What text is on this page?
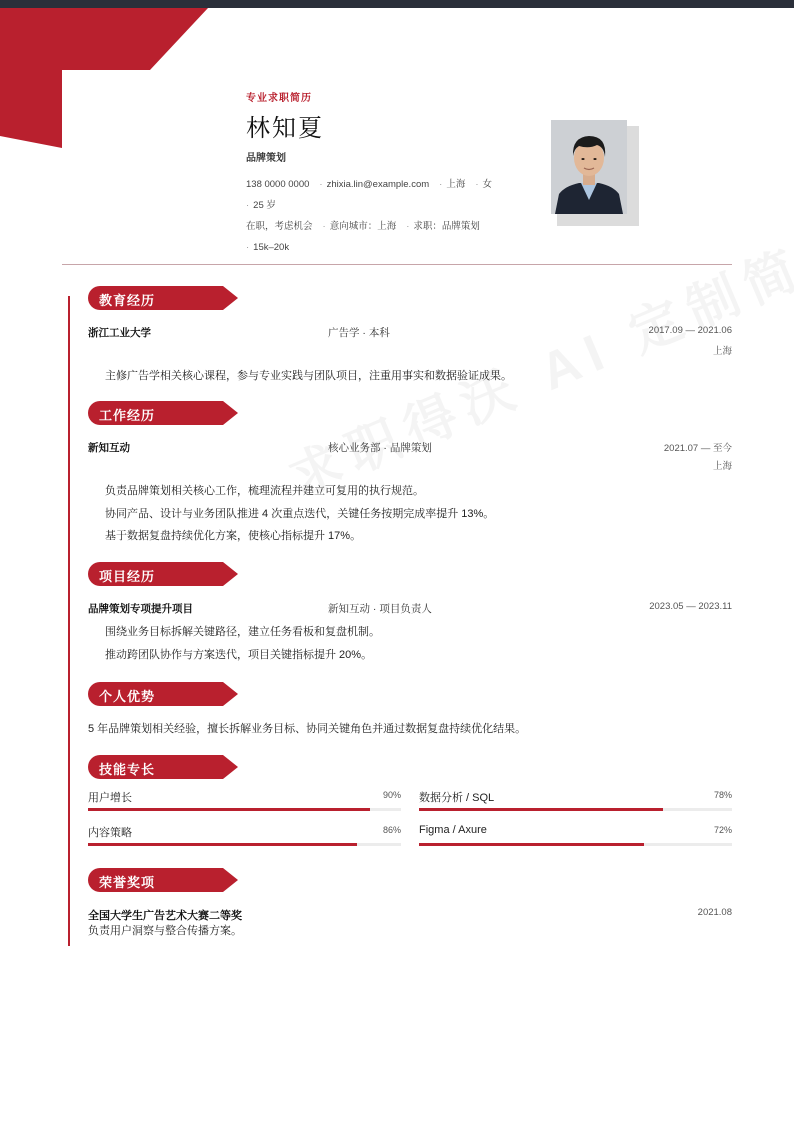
专业求职简历
林知夏
品牌策划
138 0000 0000 · zhixia.lin@example.com · 上海 · 女
· 25 岁
在职，考虑机会 · 意向城市：上海 · 求职：品牌策划
· 15k–20k
教育经历
浙江工业大学	广告学 · 本科	2017.09 — 2021.06
上海
主修广告学相关核心课程，参与专业实践与团队项目，注重用事实和数据验证成果。
工作经历
新知互动	核心业务部 · 品牌策划	2021.07 — 至今
上海
负责品牌策划相关核心工作，梳理流程并建立可复用的执行规范。
协同产品、设计与业务团队推进 4 次重点迭代，关键任务按期完成率提升 13%。
基于数据复盘持续优化方案，使核心指标提升 17%。
项目经历
品牌策划专项提升项目	新知互动 · 项目负责人	2023.05 — 2023.11
围绕业务目标拆解关键路径，建立任务看板和复盘机制。
推动跨团队协作与方案迭代，项目关键指标提升 20%。
个人优势
5 年品牌策划相关经验，擅长拆解业务目标、协同关键角色并通过数据复盘持续优化结果。
技能专长
用户增长	90% 数据分析 / SQL	78%
内容策略	86% Figma / Axure	72%
荣誉奖项
全国大学生广告艺术大赛二等奖	2021.08
负责用户洞察与整合传播方案。
